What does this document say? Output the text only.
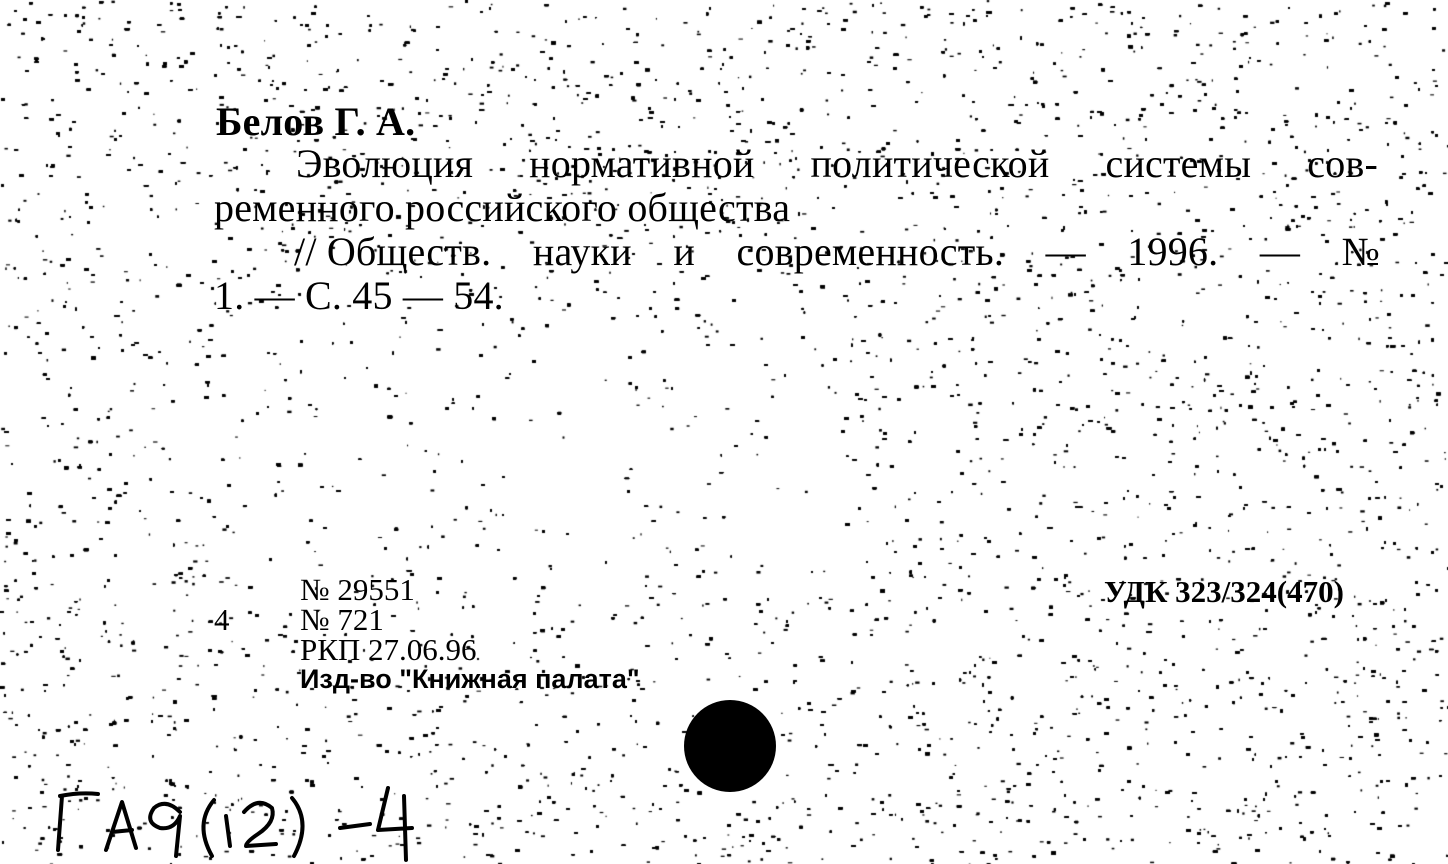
Белов Г. А.
Эволюция нормативной политической системы сов-
ременного российского общества
// Обществ. науки и современность. — 1996. — №
1. — С. 45 — 54.
№ 29551
4 № 721
РКП 27.06.96
Изд-во "Книжная палата"
УДК 323/324(470)
